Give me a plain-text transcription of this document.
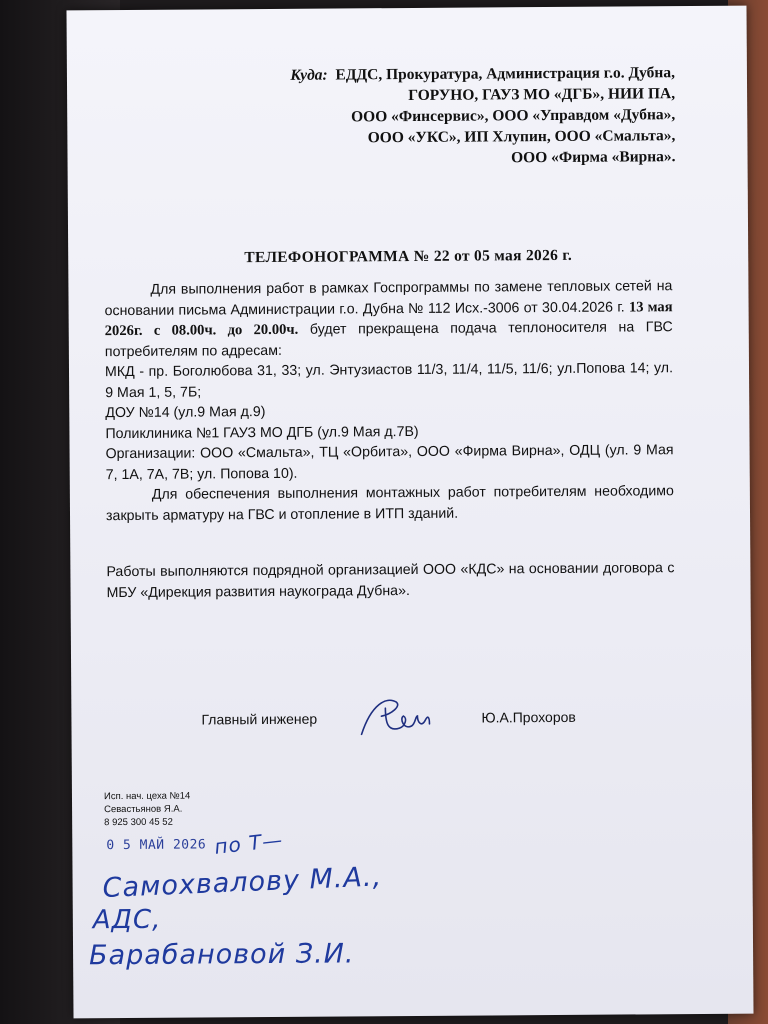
Куда: ЕДДС, Прокуратура, Администрация г.о. Дубна,
ГОРУНО, ГАУЗ МО «ДГБ», НИИ ПА,
ООО «Финсервис», ООО «Управдом «Дубна»,
ООО «УКС», ИП Хлупин, ООО «Смальта»,
ООО «Фирма «Вирна».
ТЕЛЕФОНОГРАММА № 22 от 05 мая 2026 г.

Для выполнения работ в рамках Госпрограммы по замене тепловых сетей на основании письма Администрации г.о. Дубна № 112 Исх.-3006 от 30.04.2026 г. 13 мая 2026г. с 08.00ч. до 20.00ч. будет прекращена подача теплоносителя на ГВС потребителям по адресам:

МКД - пр. Боголюбова 31, 33; ул. Энтузиастов 11/3, 11/4, 11/5, 11/6; ул.Попова 14; ул. 9 Мая 1, 5, 7Б;

ДОУ №14 (ул.9 Мая д.9)

Поликлиника №1 ГАУЗ МО ДГБ (ул.9 Мая д.7В)

Организации: ООО «Смальта», ТЦ «Орбита», ООО «Фирма Вирна», ОДЦ (ул. 9 Мая 7, 1А, 7А, 7В; ул. Попова 10).

Для обеспечения выполнения монтажных работ потребителям необходимо закрыть арматуру на ГВС и отопление в ИТП зданий.

Работы выполняются подрядной организацией ООО «КДС» на основании договора с МБУ «Дирекция развития наукограда Дубна».

Главный инженер	Ю.А.Прохоров
Исп. нач. цеха №14
Севастьянов Я.А.
8 925 300 45 52
0 5 МАЙ 2026 по Т—
Самохвалову М.А.,
АДС,
Барабановой З.И.
